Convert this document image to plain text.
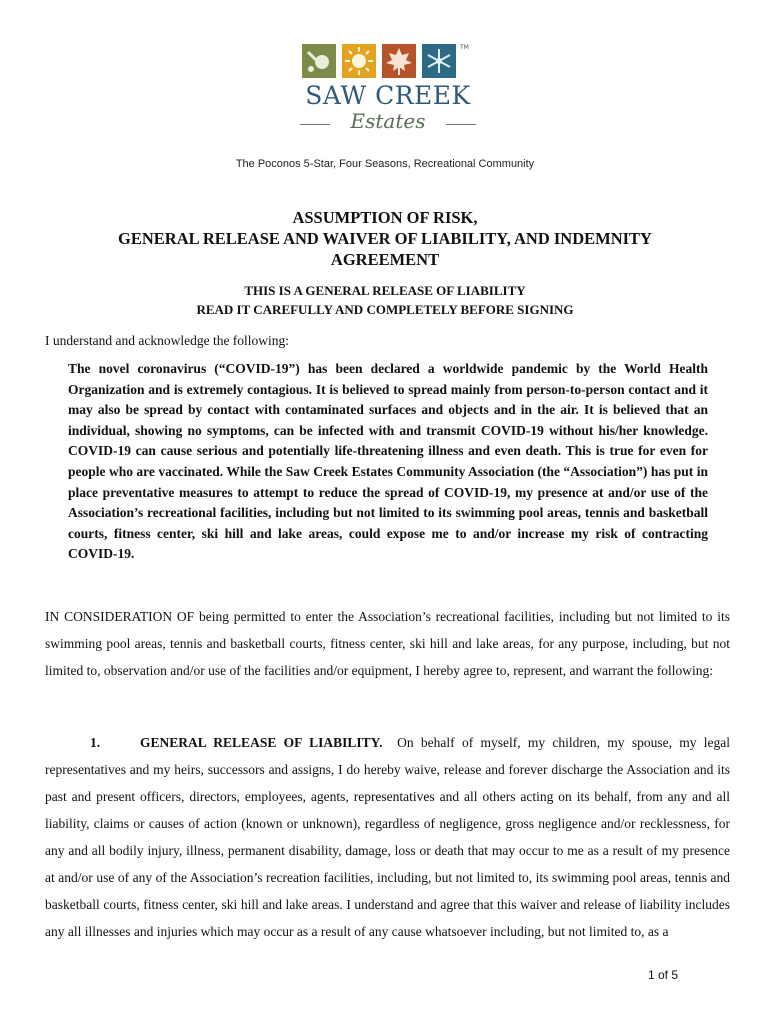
TM
SAW CREEK
Estates
The Poconos 5-Star, Four Seasons, Recreational Community
ASSUMPTION OF RISK,
GENERAL RELEASE AND WAIVER OF LIABILITY, AND INDEMNITY
AGREEMENT
THIS IS A GENERAL RELEASE OF LIABILITY
READ IT CAREFULLY AND COMPLETELY BEFORE SIGNING
I understand and acknowledge the following:
The novel coronavirus (“COVID-19”) has been declared a worldwide pandemic by the World Health Organization and is extremely contagious. It is believed to spread mainly from person-to-person contact and it may also be spread by contact with contaminated surfaces and objects and in the air. It is believed that an individual, showing no symptoms, can be infected with and transmit COVID-19 without his/her knowledge. COVID-19 can cause serious and potentially life-threatening illness and even death. This is true for even for people who are vaccinated. While the Saw Creek Estates Community Association (the “Association”) has put in place preventative measures to attempt to reduce the spread of COVID-19, my presence at and/or use of the Association’s recreational facilities, including but not limited to its swimming pool areas, tennis and basketball courts, fitness center, ski hill and lake areas, could expose me to and/or increase my risk of contracting COVID-19.
IN CONSIDERATION OF being permitted to enter the Association’s recreational facilities, including but not limited to its swimming pool areas, tennis and basketball courts, fitness center, ski hill and lake areas, for any purpose, including, but not limited to, observation and/or use of the facilities and/or equipment, I hereby agree to, represent, and warrant the following:
1.	GENERAL RELEASE OF LIABILITY. On behalf of myself, my children, my spouse, my legal representatives and my heirs, successors and assigns, I do hereby waive, release and forever discharge the Association and its past and present officers, directors, employees, agents, representatives and all others acting on its behalf, from any and all liability, claims or causes of action (known or unknown), regardless of negligence, gross negligence and/or recklessness, for any and all bodily injury, illness, permanent disability, damage, loss or death that may occur to me as a result of my presence at and/or use of any of the Association’s recreation facilities, including, but not limited to, its swimming pool areas, tennis and basketball courts, fitness center, ski hill and lake areas. I understand and agree that this waiver and release of liability includes any all illnesses and injuries which may occur as a result of any cause whatsoever including, but not limited to, as a
1 of 5
